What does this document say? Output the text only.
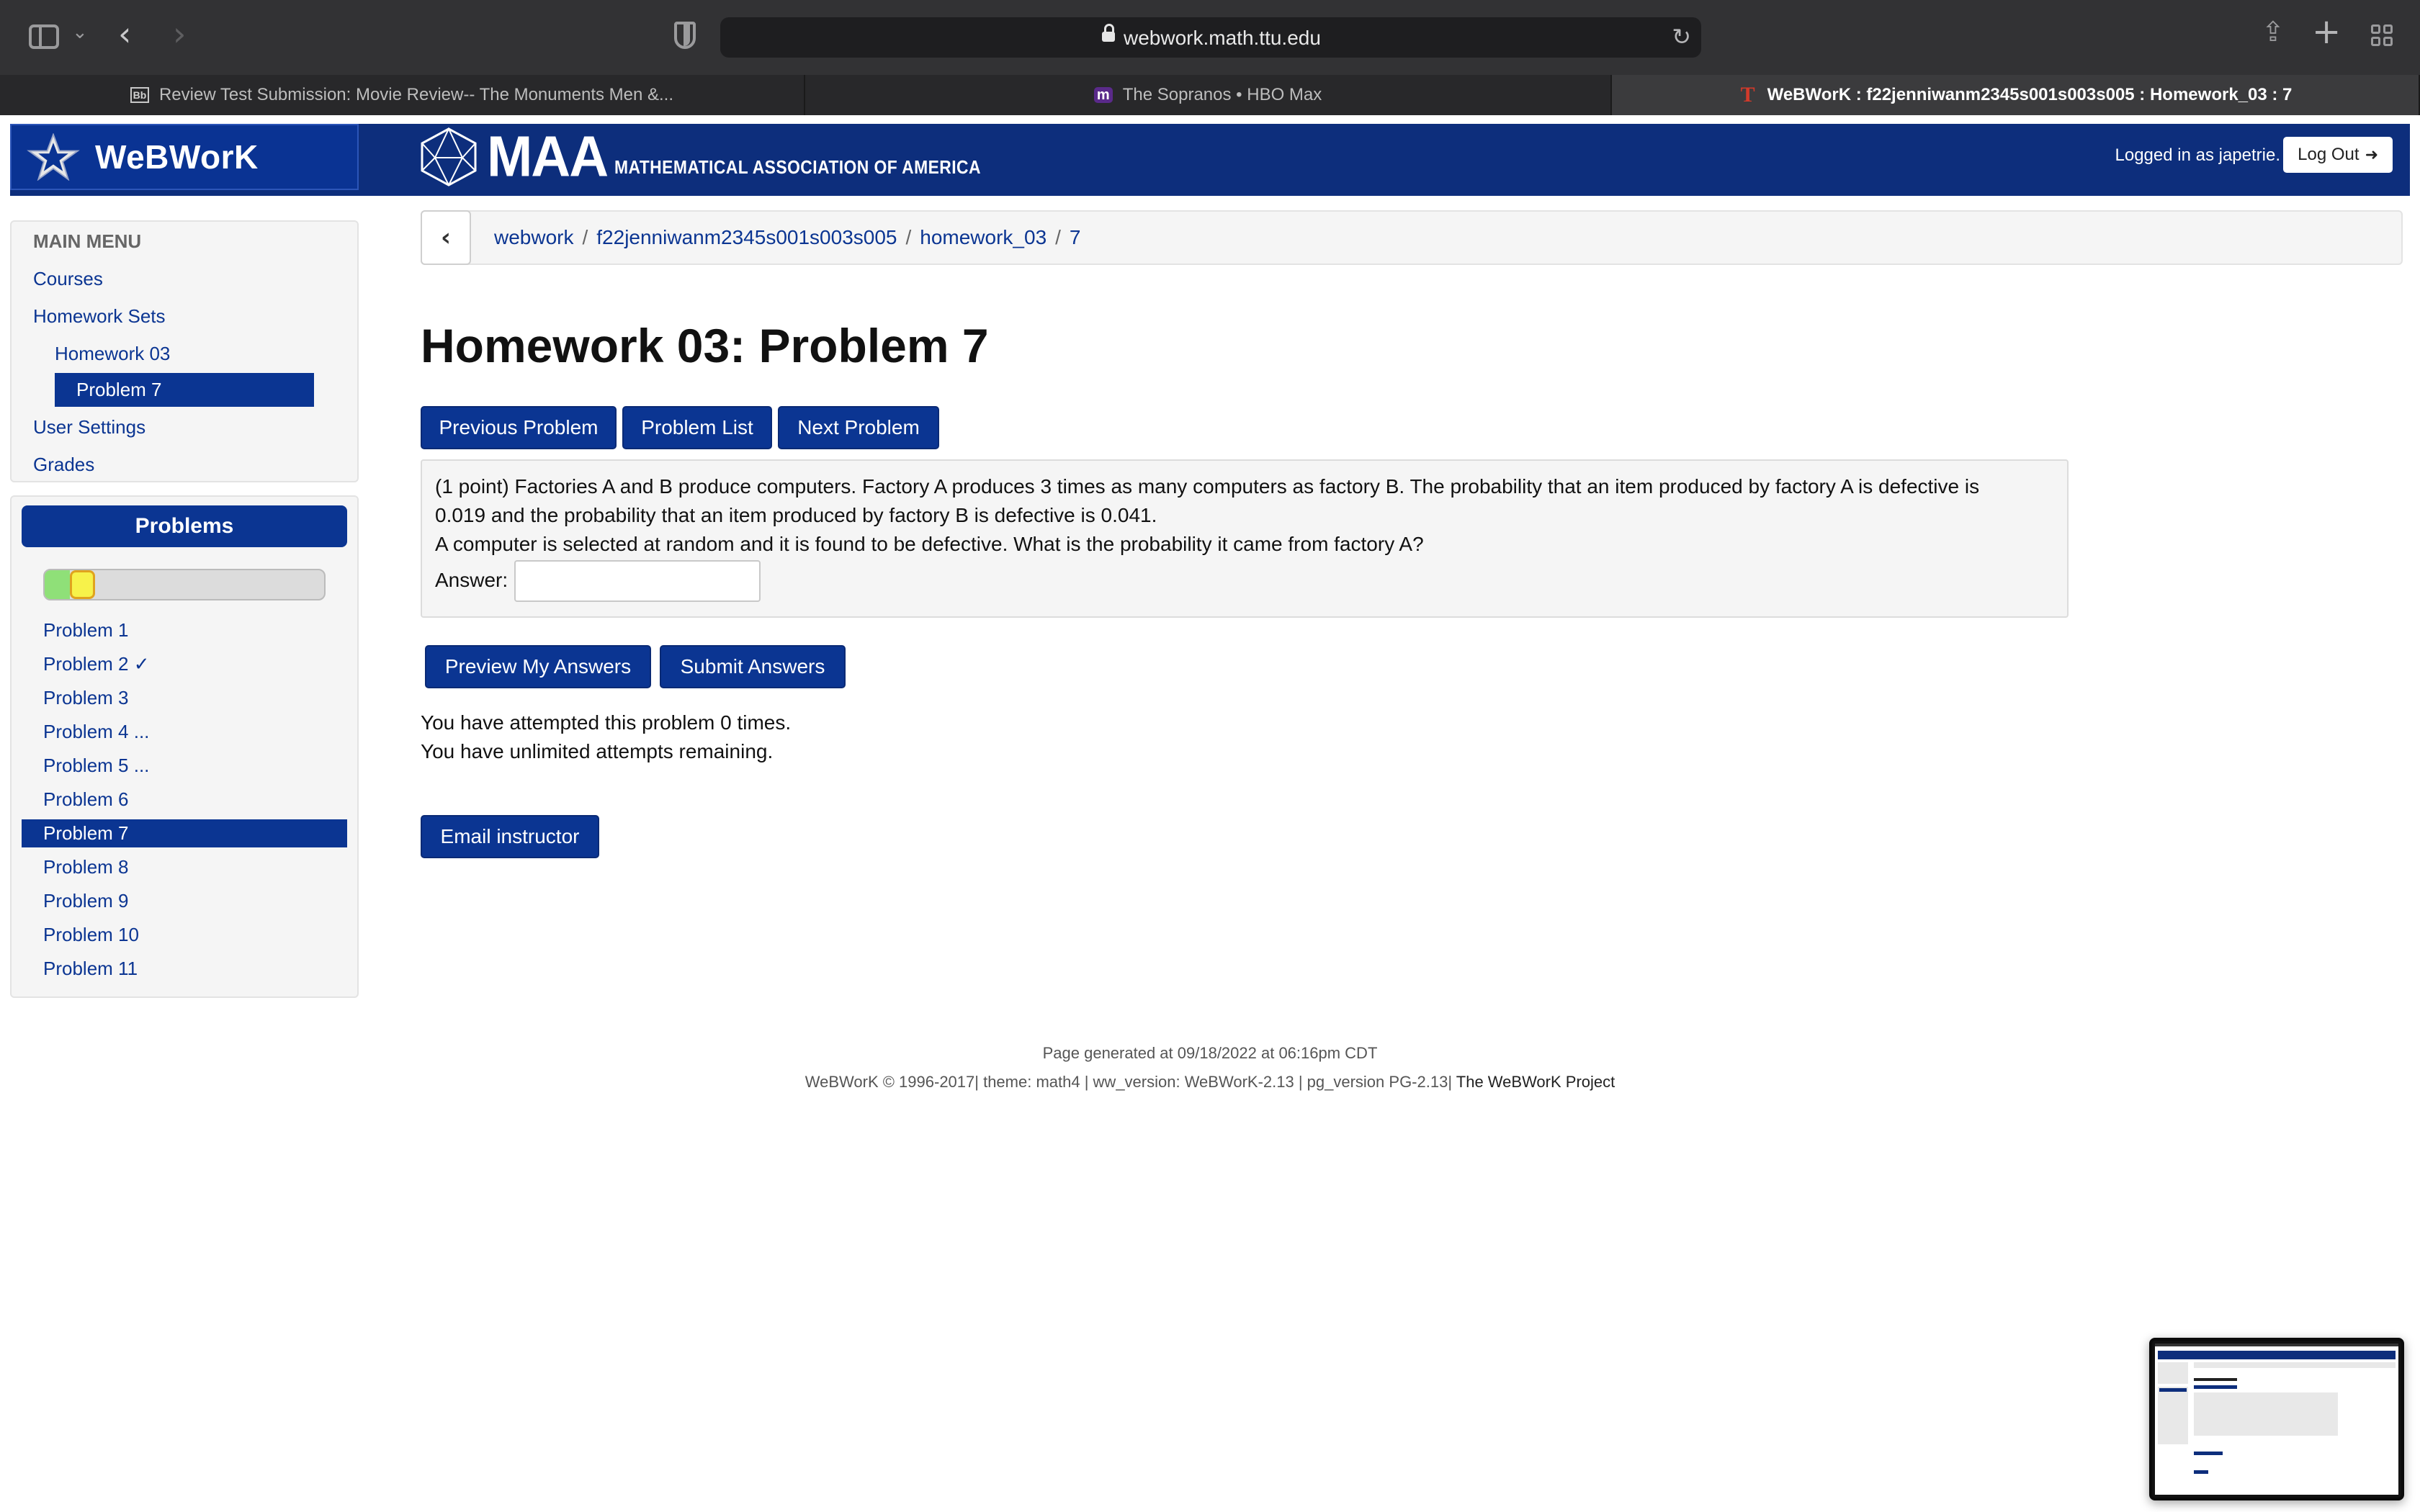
⌄ ‹ ›	webwork.math.ttu.edu	↻	⇪ +
Bb Review Test Submission: Movie Review-- The Monuments Men &...	m The Sopranos • HBO Max	T WeBWorK : f22jenniwanm2345s001s003s005 : Homework_03 : 7
WeBWorK	MAA MATHEMATICAL ASSOCIATION OF AMERICA
Logged in as japetrie. Log Out ➜
MAIN MENU
Courses
Homework Sets
Homework 03
Problem 7
User Settings
Grades
Problems
Problem 1
Problem 2 ✓
Problem 3
Problem 4 ...
Problem 5 ...
Problem 6
Problem 7
Problem 8
Problem 9
Problem 10
Problem 11
‹	webwork / f22jenniwanm2345s001s003s005 / homework_03 / 7
Homework 03: Problem 7
Previous Problem	Problem List	Next Problem
(1 point) Factories A and B produce computers. Factory A produces 3 times as many computers as factory B. The probability that an item produced by factory A is defective is
0.019 and the probability that an item produced by factory B is defective is 0.041.
A computer is selected at random and it is found to be defective. What is the probability it came from factory A?
Answer:
Preview My Answers	Submit Answers
You have attempted this problem 0 times.
You have unlimited attempts remaining.
Email instructor
Page generated at 09/18/2022 at 06:16pm CDT
WeBWorK © 1996-2017| theme: math4 | ww_version: WeBWorK-2.13 | pg_version PG-2.13| The WeBWorK Project
